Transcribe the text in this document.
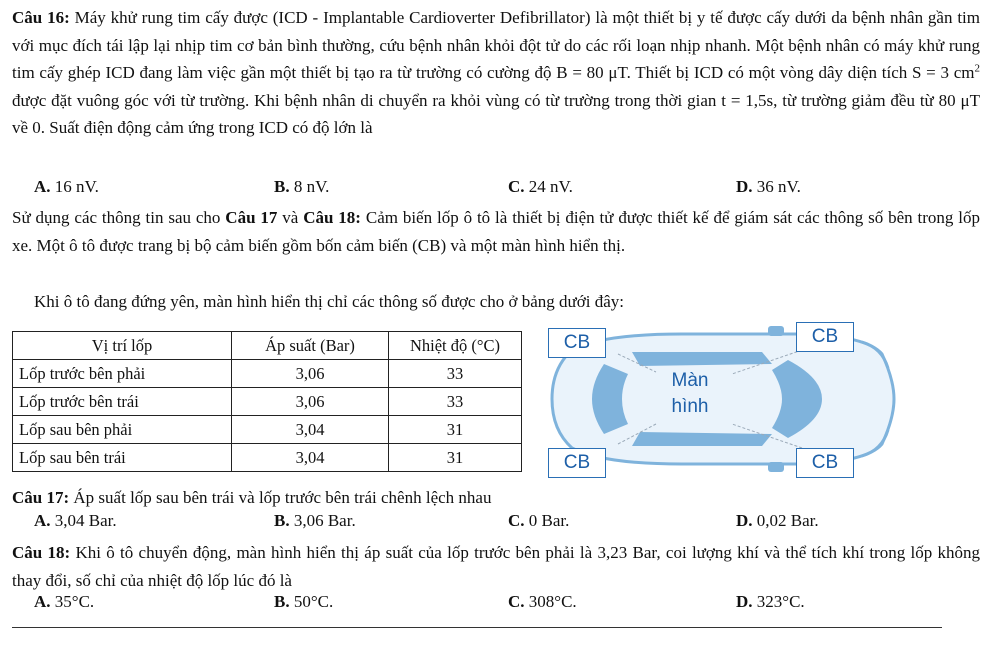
Câu 16: Máy khử rung tim cấy được (ICD - Implantable Cardioverter Defibrillator) là một thiết bị y tế được cấy dưới da bệnh nhân gần tim với mục đích tái lập lại nhịp tim cơ bản bình thường, cứu bệnh nhân khỏi đột tử do các rối loạn nhịp nhanh. Một bệnh nhân có máy khử rung tim cấy ghép ICD đang làm việc gần một thiết bị tạo ra từ trường có cường độ B = 80 μT. Thiết bị ICD có một vòng dây diện tích S = 3 $cm^2$ được đặt vuông góc với từ trường. Khi bệnh nhân di chuyển ra khỏi vùng có từ trường trong thời gian t = 1,5s, từ trường giảm đều từ 80 μT về 0. Suất điện động cảm ứng trong ICD có độ lớn là
A. 16 nV.	B. 8 nV.	C. 24 nV.	D. 36 nV.
Sử dụng các thông tin sau cho Câu 17 và Câu 18: Cảm biến lốp ô tô là thiết bị điện tử được thiết kế để giám sát các thông số bên trong lốp xe. Một ô tô được trang bị bộ cảm biến gồm bốn cảm biến (CB) và một màn hình hiển thị.
Khi ô tô đang đứng yên, màn hình hiển thị chỉ các thông số được cho ở bảng dưới đây:
Vị trí lốp	Áp suất (Bar)	Nhiệt độ (°C)
Lốp trước bên phải	3,06	33
Lốp trước bên trái	3,06	33
Lốp sau bên phải	3,04	31
Lốp sau bên trái	3,04	31
CB	CB
CB	CB
Màn
hình
Câu 17: Áp suất lốp sau bên trái và lốp trước bên trái chênh lệch nhau
A. 3,04 Bar.	B. 3,06 Bar.	C. 0 Bar.	D. 0,02 Bar.
Câu 18: Khi ô tô chuyển động, màn hình hiển thị áp suất của lốp trước bên phải là 3,23 Bar, coi lượng khí và thể tích khí trong lốp không thay đổi, số chỉ của nhiệt độ lốp lúc đó là
A. 35°C.	B. 50°C.	C. 308°C.	D. 323°C.
